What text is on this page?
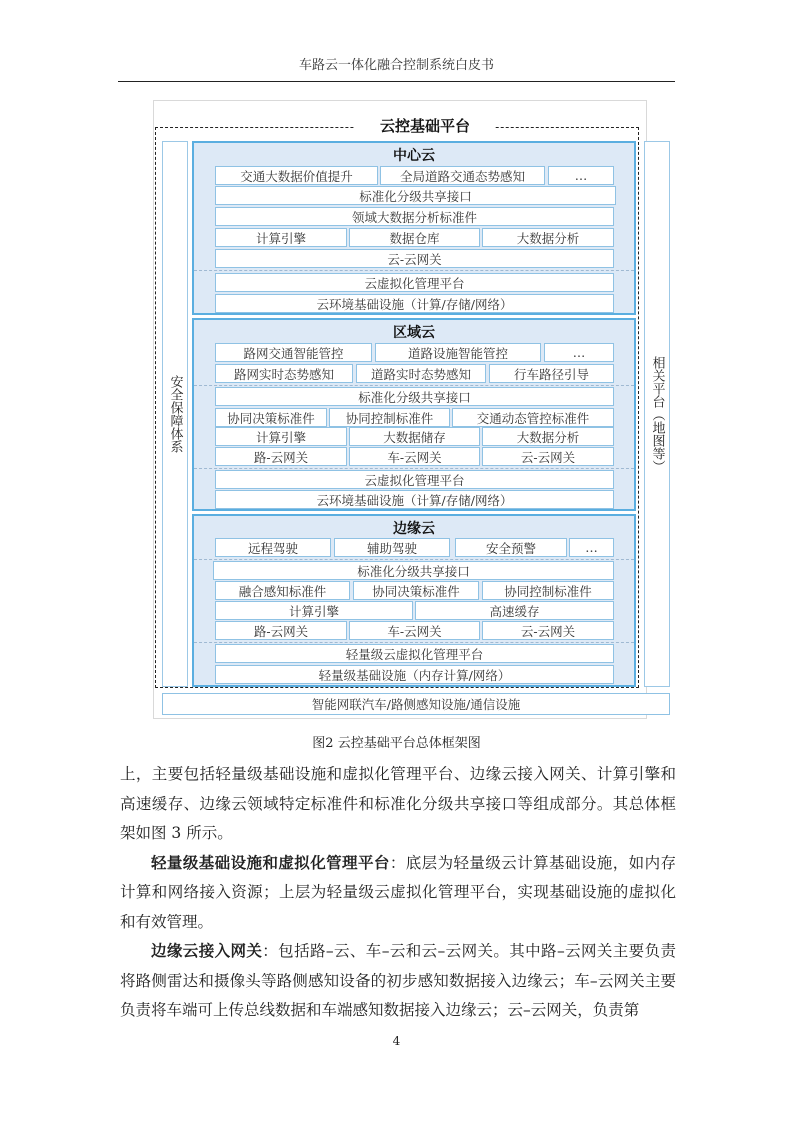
车路云一体化融合控制系统白皮书
云控基础平台
安全保障体系	相关平台（地图等）
中心云
交通大数据价值提升	全局道路交通态势感知	…
标准化分级共享接口
领域大数据分析标准件
计算引擎	数据仓库	大数据分析
云-云网关
云虚拟化管理平台
云环境基础设施（计算/存储/网络）
区域云
路网交通智能管控	道路设施智能管控	…
路网实时态势感知	道路实时态势感知	行车路径引导
标准化分级共享接口
协同决策标准件	协同控制标准件	交通动态管控标准件
计算引擎	大数据储存	大数据分析
路-云网关	车-云网关	云-云网关
云虚拟化管理平台
云环境基础设施（计算/存储/网络）
边缘云
远程驾驶	辅助驾驶	安全预警	…
标准化分级共享接口
融合感知标准件	协同决策标准件	协同控制标准件
计算引擎	高速缓存
路-云网关	车-云网关	云-云网关
轻量级云虚拟化管理平台
轻量级基础设施（内存计算/网络）
智能网联汽车/路侧感知设施/通信设施
图2 云控基础平台总体框架图

上，主要包括轻量级基础设施和虚拟化管理平台、边缘云接入网关、计算引擎和高速缓存、边缘云领域特定标准件和标准化分级共享接口等组成部分。其总体框架如图 3 所示。

轻量级基础设施和虚拟化管理平台：底层为轻量级云计算基础设施，如内存计算和网络接入资源；上层为轻量级云虚拟化管理平台，实现基础设施的虚拟化和有效管理。

边缘云接入网关：包括路–云、车–云和云–云网关。其中路–云网关主要负责将路侧雷达和摄像头等路侧感知设备的初步感知数据接入边缘云；车–云网关主要负责将车端可上传总线数据和车端感知数据接入边缘云；云–云网关，负责第

4
